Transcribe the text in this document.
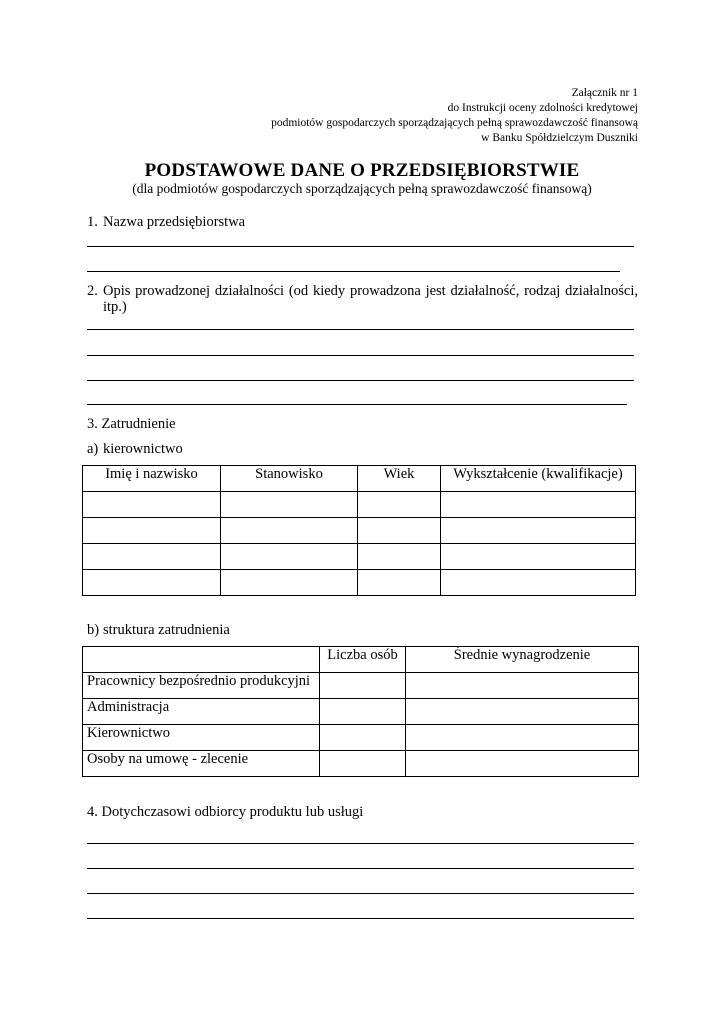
Załącznik nr 1
do Instrukcji oceny zdolności kredytowej
podmiotów gospodarczych sporządzających pełną sprawozdawczość finansową
w Banku Spółdzielczym Duszniki
PODSTAWOWE DANE O PRZEDSIĘBIORSTWIE
(dla podmiotów gospodarczych sporządzających pełną sprawozdawczość finansową)
1. Nazwa przedsiębiorstwa
2. Opis prowadzonej działalności (od kiedy prowadzona jest działalność, rodzaj działalności,
itp.)
3. Zatrudnienie
a) kierownictwo
Imię i nazwisko	Stanowisko	Wiek	Wykształcenie (kwalifikacje)

b) struktura zatrudnienia
	Liczba osób	Średnie wynagrodzenie
Pracownicy bezpośrednio produkcyjni		
Administracja		
Kierownictwo		
Osoby na umowę - zlecenie		
4. Dotychczasowi odbiorcy produktu lub usługi
